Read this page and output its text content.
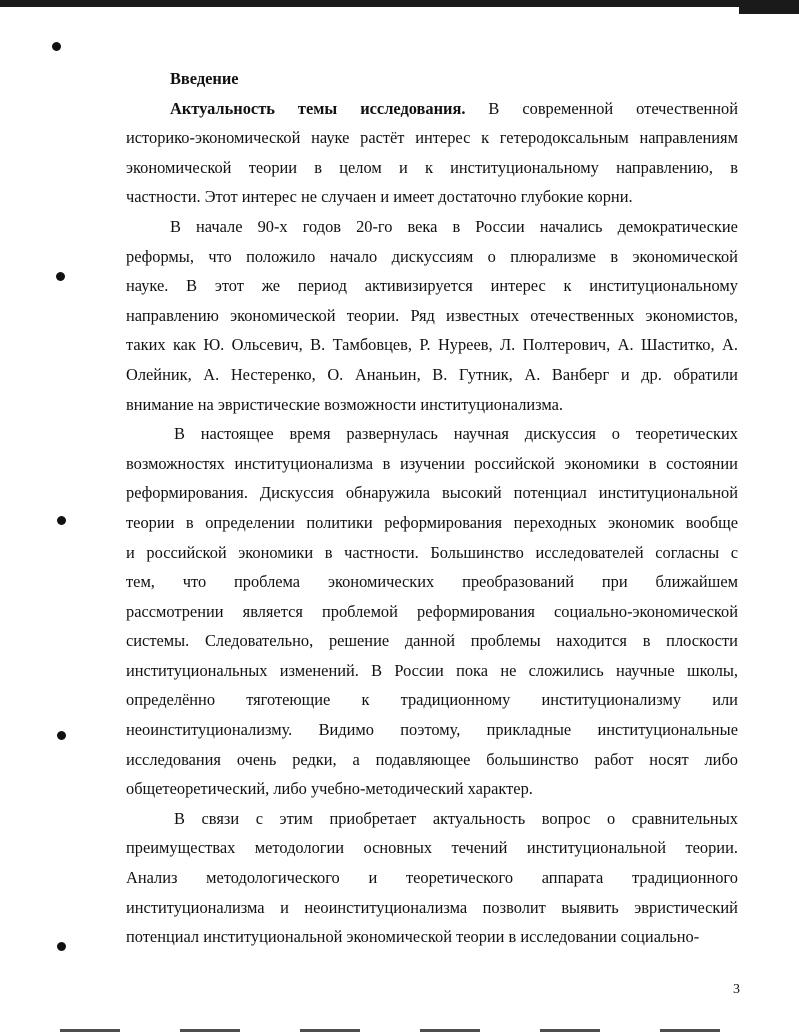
Введение
Актуальность темы исследования. В современной отечественной
историко-экономической науке растёт интерес к гетеродоксальным направлениям
экономической теории в целом и к институциональному направлению, в
частности. Этот интерес не случаен и имеет достаточно глубокие корни.
В начале 90-х годов 20-го века в России начались демократические
реформы, что положило начало дискуссиям о плюрализме в экономической
науке. В этот же период активизируется интерес к институциональному
направлению экономической теории. Ряд известных отечественных экономистов,
таких как Ю. Ольсевич, В. Тамбовцев, Р. Нуреев, Л. Полтерович, А. Шаститко, А.
Олейник, А. Нестеренко, О. Ананьин, В. Гутник, А. Ванберг и др. обратили
внимание на эвристические возможности институционализма.
В настоящее время развернулась научная дискуссия о теоретических
возможностях институционализма в изучении российской экономики в состоянии
реформирования. Дискуссия обнаружила высокий потенциал институциональной
теории в определении политики реформирования переходных экономик вообще
и российской экономики в частности. Большинство исследователей согласны с
тем, что проблема экономических преобразований при ближайшем
рассмотрении является проблемой реформирования социально-экономической
системы. Следовательно, решение данной проблемы находится в плоскости
институциональных изменений. В России пока не сложились научные школы,
определённо тяготеющие к традиционному институционализму или
неоинституционализму. Видимо поэтому, прикладные институциональные
исследования очень редки, а подавляющее большинство работ носят либо
общетеоретический, либо учебно-методический характер.
В связи с этим приобретает актуальность вопрос о сравнительных
преимуществах методологии основных течений институциональной теории.
Анализ методологического и теоретического аппарата традиционного
институционализма и неоинституционализма позволит выявить эвристический
потенциал институциональной экономической теории в исследовании социально-
3
